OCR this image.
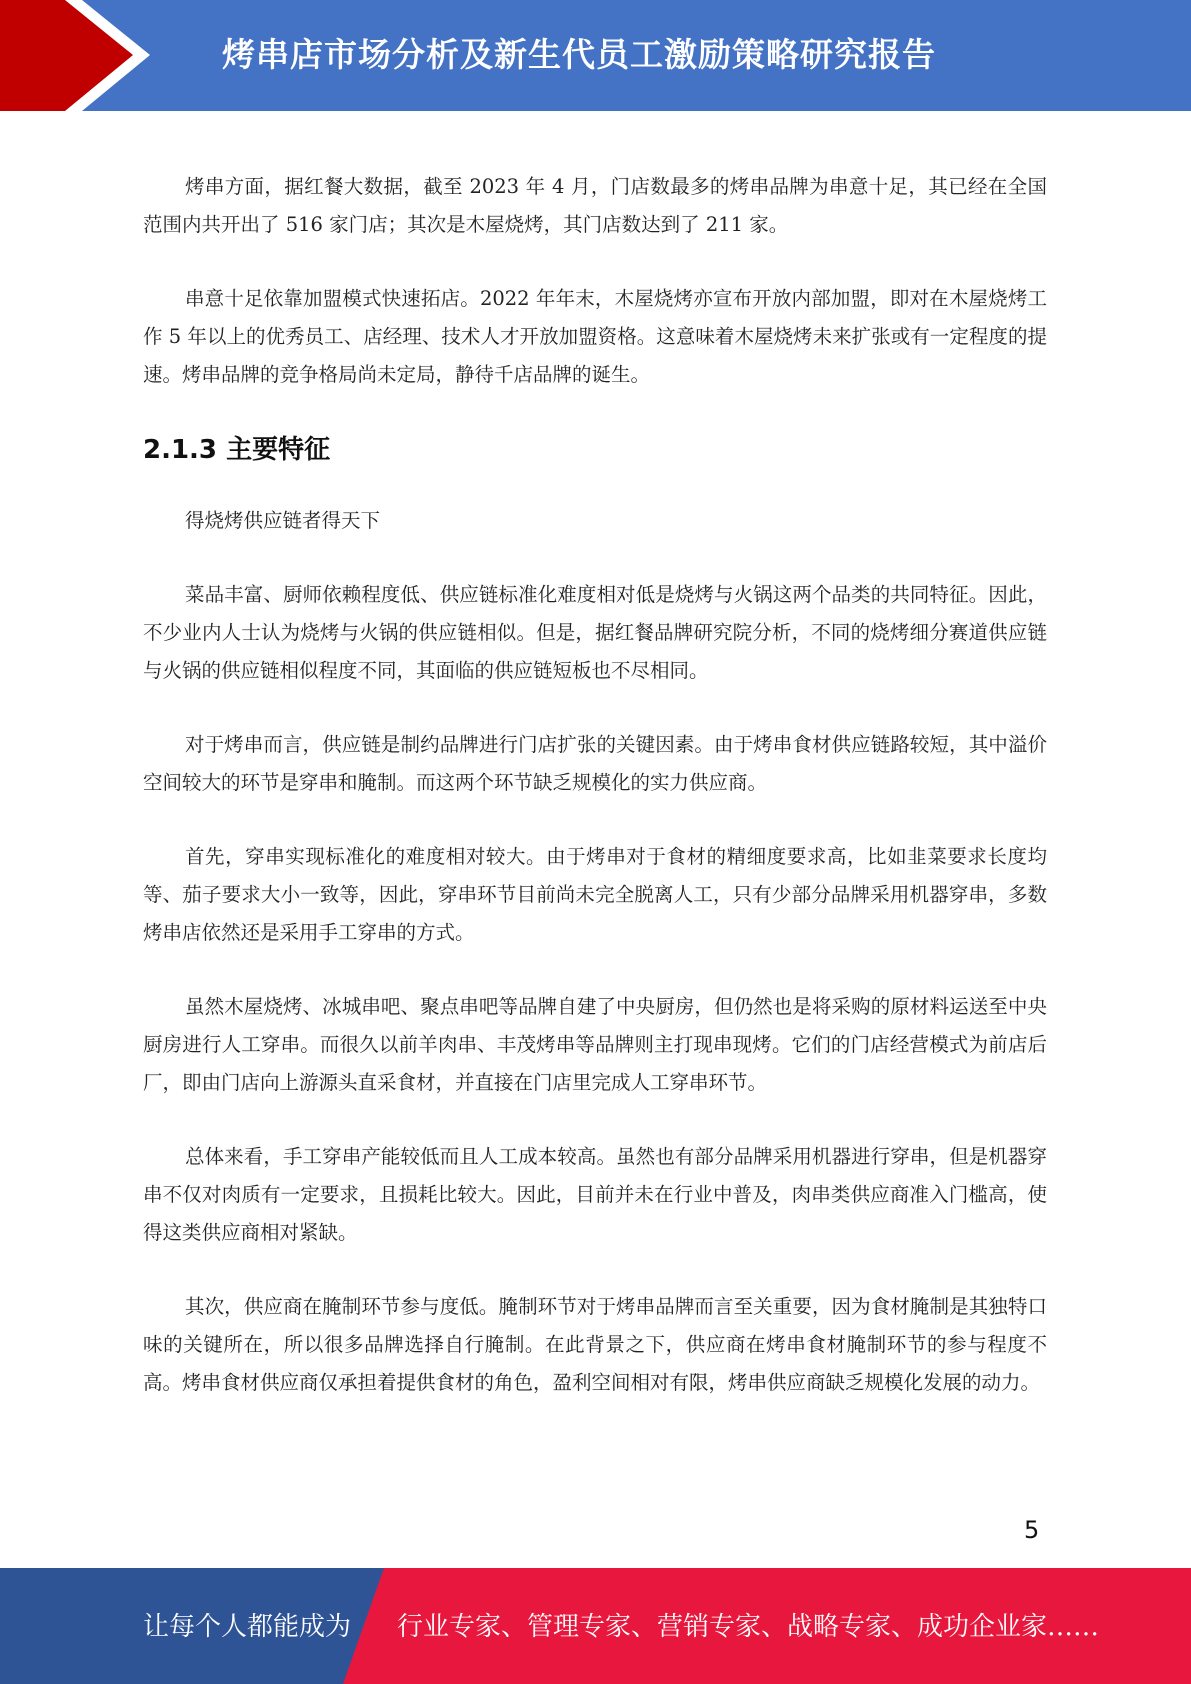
烤串店市场分析及新生代员工激励策略研究报告

烤串方面，据红餐大数据，截至 2023 年 4 月，门店数最多的烤串品牌为串意十足，其已经在全国范围内共开出了 516 家门店；其次是木屋烧烤，其门店数达到了 211 家。

串意十足依靠加盟模式快速拓店。2022 年年末，木屋烧烤亦宣布开放内部加盟，即对在木屋烧烤工作 5 年以上的优秀员工、店经理、技术人才开放加盟资格。这意味着木屋烧烤未来扩张或有一定程度的提速。烤串品牌的竞争格局尚未定局，静待千店品牌的诞生。

2.1.3 主要特征

得烧烤供应链者得天下

菜品丰富、厨师依赖程度低、供应链标准化难度相对低是烧烤与火锅这两个品类的共同特征。因此，不少业内人士认为烧烤与火锅的供应链相似。但是，据红餐品牌研究院分析，不同的烧烤细分赛道供应链与火锅的供应链相似程度不同，其面临的供应链短板也不尽相同。

对于烤串而言，供应链是制约品牌进行门店扩张的关键因素。由于烤串食材供应链路较短，其中溢价空间较大的环节是穿串和腌制。而这两个环节缺乏规模化的实力供应商。

首先，穿串实现标准化的难度相对较大。由于烤串对于食材的精细度要求高，比如韭菜要求长度均等、茄子要求大小一致等，因此，穿串环节目前尚未完全脱离人工，只有少部分品牌采用机器穿串，多数烤串店依然还是采用手工穿串的方式。

虽然木屋烧烤、冰城串吧、聚点串吧等品牌自建了中央厨房，但仍然也是将采购的原材料运送至中央厨房进行人工穿串。而很久以前羊肉串、丰茂烤串等品牌则主打现串现烤。它们的门店经营模式为前店后厂，即由门店向上游源头直采食材，并直接在门店里完成人工穿串环节。

总体来看，手工穿串产能较低而且人工成本较高。虽然也有部分品牌采用机器进行穿串，但是机器穿串不仅对肉质有一定要求，且损耗比较大。因此，目前并未在行业中普及，肉串类供应商准入门槛高，使得这类供应商相对紧缺。

其次，供应商在腌制环节参与度低。腌制环节对于烤串品牌而言至关重要，因为食材腌制是其独特口味的关键所在，所以很多品牌选择自行腌制。在此背景之下，供应商在烤串食材腌制环节的参与程度不高。烤串食材供应商仅承担着提供食材的角色，盈利空间相对有限，烤串供应商缺乏规模化发展的动力。

5
让每个人都能成为 行业专家、管理专家、营销专家、战略专家、成功企业家……
